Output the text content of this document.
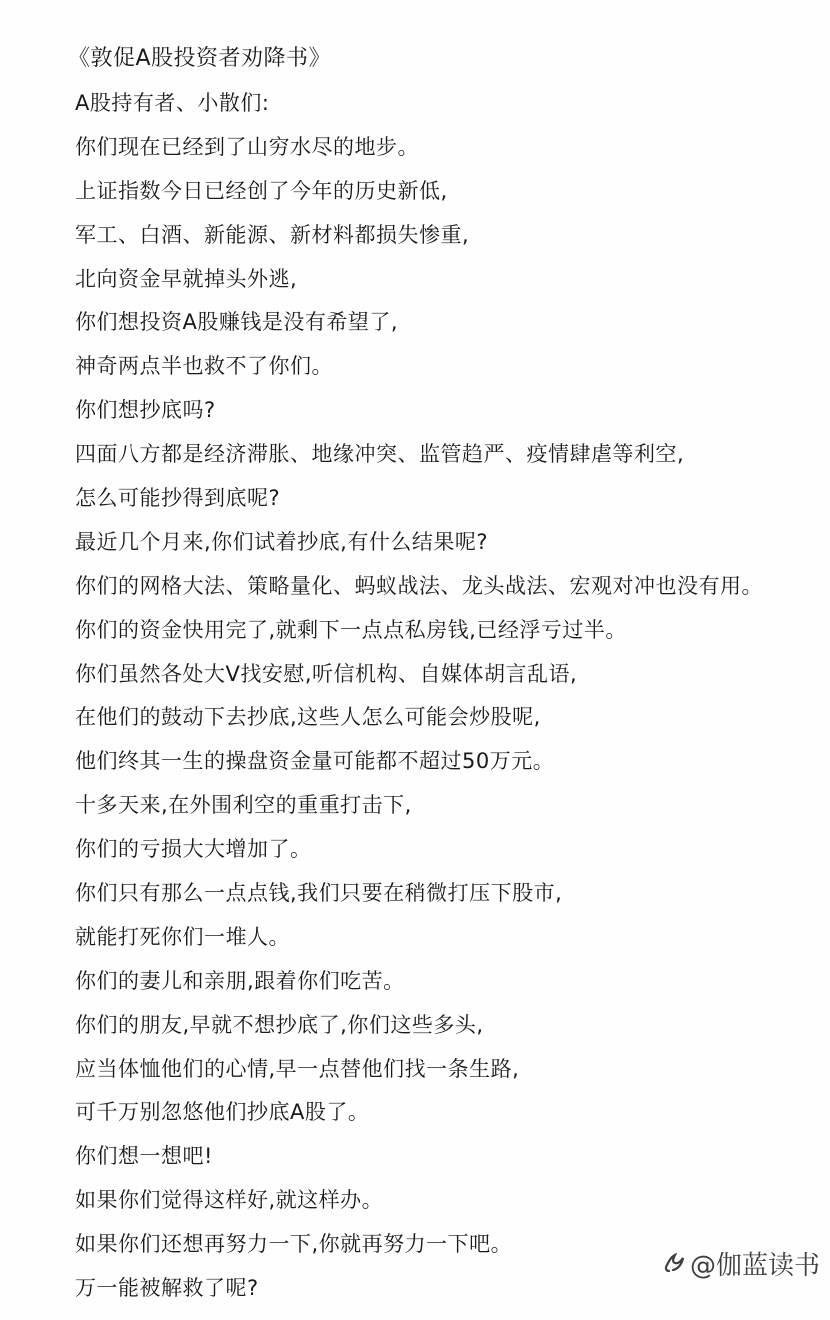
《敦促A股投资者劝降书》
A股持有者、小散们:
你们现在已经到了山穷水尽的地步。
上证指数今日已经创了今年的历史新低,
军工、白酒、新能源、新材料都损失惨重,
北向资金早就掉头外逃,
你们想投资A股赚钱是没有希望了,
神奇两点半也救不了你们。
你们想抄底吗?
四面八方都是经济滞胀、地缘冲突、监管趋严、疫情肆虐等利空,
怎么可能抄得到底呢?
最近几个月来,你们试着抄底,有什么结果呢?
你们的网格大法、策略量化、蚂蚁战法、龙头战法、宏观对冲也没有用。
你们的资金快用完了,就剩下一点点私房钱,已经浮亏过半。
你们虽然各处大V找安慰,听信机构、自媒体胡言乱语,
在他们的鼓动下去抄底,这些人怎么可能会炒股呢,
他们终其一生的操盘资金量可能都不超过50万元。
十多天来,在外围利空的重重打击下,
你们的亏损大大增加了。
你们只有那么一点点钱,我们只要在稍微打压下股市,
就能打死你们一堆人。
你们的妻儿和亲朋,跟着你们吃苦。
你们的朋友,早就不想抄底了,你们这些多头,
应当体恤他们的心情,早一点替他们找一条生路,
可千万别忽悠他们抄底A股了。
你们想一想吧!
如果你们觉得这样好,就这样办。
如果你们还想再努力一下,你就再努力一下吧。
万一能被解救了呢?
@伽蓝读书
